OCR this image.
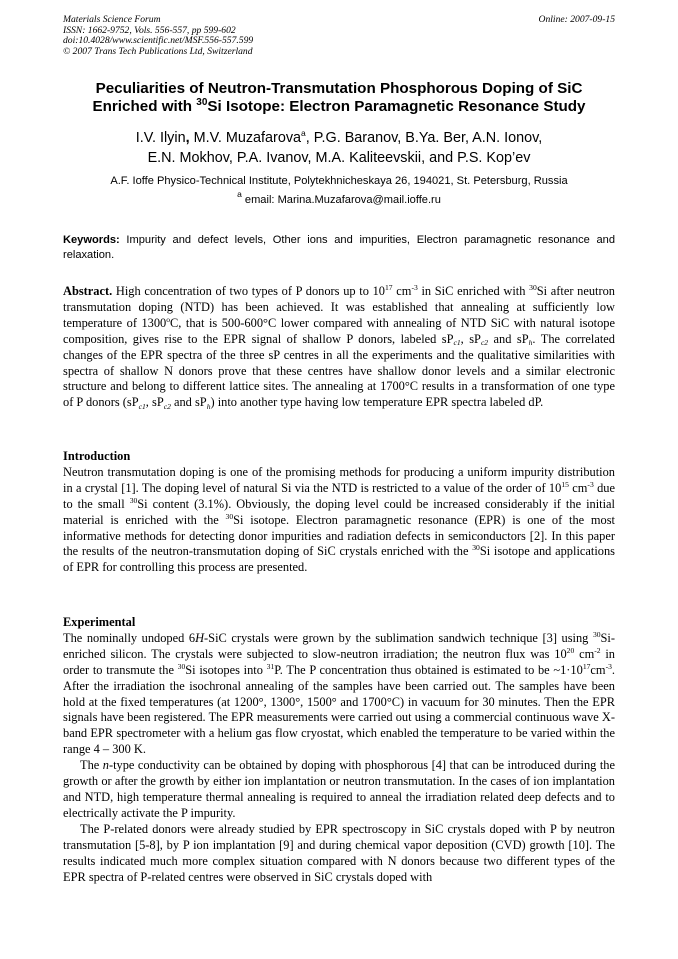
Materials Science Forum
ISSN: 1662-9752, Vols. 556-557, pp 599-602
doi:10.4028/www.scientific.net/MSF.556-557.599
© 2007 Trans Tech Publications Ltd, Switzerland
Online: 2007-09-15
Peculiarities of Neutron-Transmutation Phosphorous Doping of SiC
Enriched with $^{30}$Si Isotope: Electron Paramagnetic Resonance Study
I.V. Ilyin, M.V. Muzafarova$^a$, P.G. Baranov, B.Ya. Ber, A.N. Ionov,
E.N. Mokhov, P.A. Ivanov, M.A. Kaliteevskii, and P.S. Kop’ev
A.F. Ioffe Physico-Technical Institute, Polytekhnicheskaya 26, 194021, St. Petersburg, Russia
$^a$ email: Marina.Muzafarova@mail.ioffe.ru
Keywords: Impurity and defect levels, Other ions and impurities, Electron paramagnetic resonance and relaxation.

Abstract. High concentration of two types of P donors up to $10^{17}$ $cm^{-3}$ in SiC enriched with $^{30}$Si after neutron transmutation doping (NTD) has been achieved. It was established that annealing at sufficiently low temperature of 1300$^o$C, that is 500-600°C lower compared with annealing of NTD SiC with natural isotope composition, gives rise to the EPR signal of shallow P donors, labeled $sP_{c1}$, $sP_{c2}$ and $sP_h$. The correlated changes of the EPR spectra of the three sP centres in all the experiments and the qualitative similarities with spectra of shallow N donors prove that these centres have shallow donor levels and a similar electronic structure and belong to different lattice sites. The annealing at 1700°C results in a transformation of one type of P donors ($sP_{c1}$, $sP_{c2}$ and $sP_h$) into another type having low temperature EPR spectra labeled dP.

Introduction

Neutron transmutation doping is one of the promising methods for producing a uniform impurity distribution in a crystal [1]. The doping level of natural Si via the NTD is restricted to a value of the order of $10^{15}$ $cm^{-3}$ due to the small $^{30}$Si content (3.1%). Obviously, the doping level could be increased considerably if the initial material is enriched with the $^{30}$Si isotope. Electron paramagnetic resonance (EPR) is one of the most informative methods for detecting donor impurities and radiation defects in semiconductors [2]. In this paper the results of the neutron-transmutation doping of SiC crystals enriched with the $^{30}$Si isotope and applications of EPR for controlling this process are presented.

Experimental

The nominally undoped 6H-SiC crystals were grown by the sublimation sandwich technique [3] using $^{30}$Si-enriched silicon. The crystals were subjected to slow-neutron irradiation; the neutron flux was $10^{20}$ $cm^{-2}$ in order to transmute the $^{30}$Si isotopes into $^{31}$P. The P concentration thus obtained is estimated to be $\sim 1\cdot 10^{17}cm^{-3}$. After the irradiation the isochronal annealing of the samples have been carried out. The samples have been hold at the fixed temperatures (at 1200°, 1300°, 1500° and 1700°C) in vacuum for 30 minutes. Then the EPR signals have been registered. The EPR measurements were carried out using a commercial continuous wave X-band EPR spectrometer with a helium gas flow cryostat, which enabled the temperature to be varied within the range 4 – 300 K.

The n-type conductivity can be obtained by doping with phosphorous [4] that can be introduced during the growth or after the growth by either ion implantation or neutron transmutation. In the cases of ion implantation and NTD, high temperature thermal annealing is required to anneal the irradiation related deep defects and to electrically activate the P impurity.

The P-related donors were already studied by EPR spectroscopy in SiC crystals doped with P by neutron transmutation [5-8], by P ion implantation [9] and during chemical vapor deposition (CVD) growth [10]. The results indicated much more complex situation compared with N donors because two different types of the EPR spectra of P-related centres were observed in SiC crystals doped with
